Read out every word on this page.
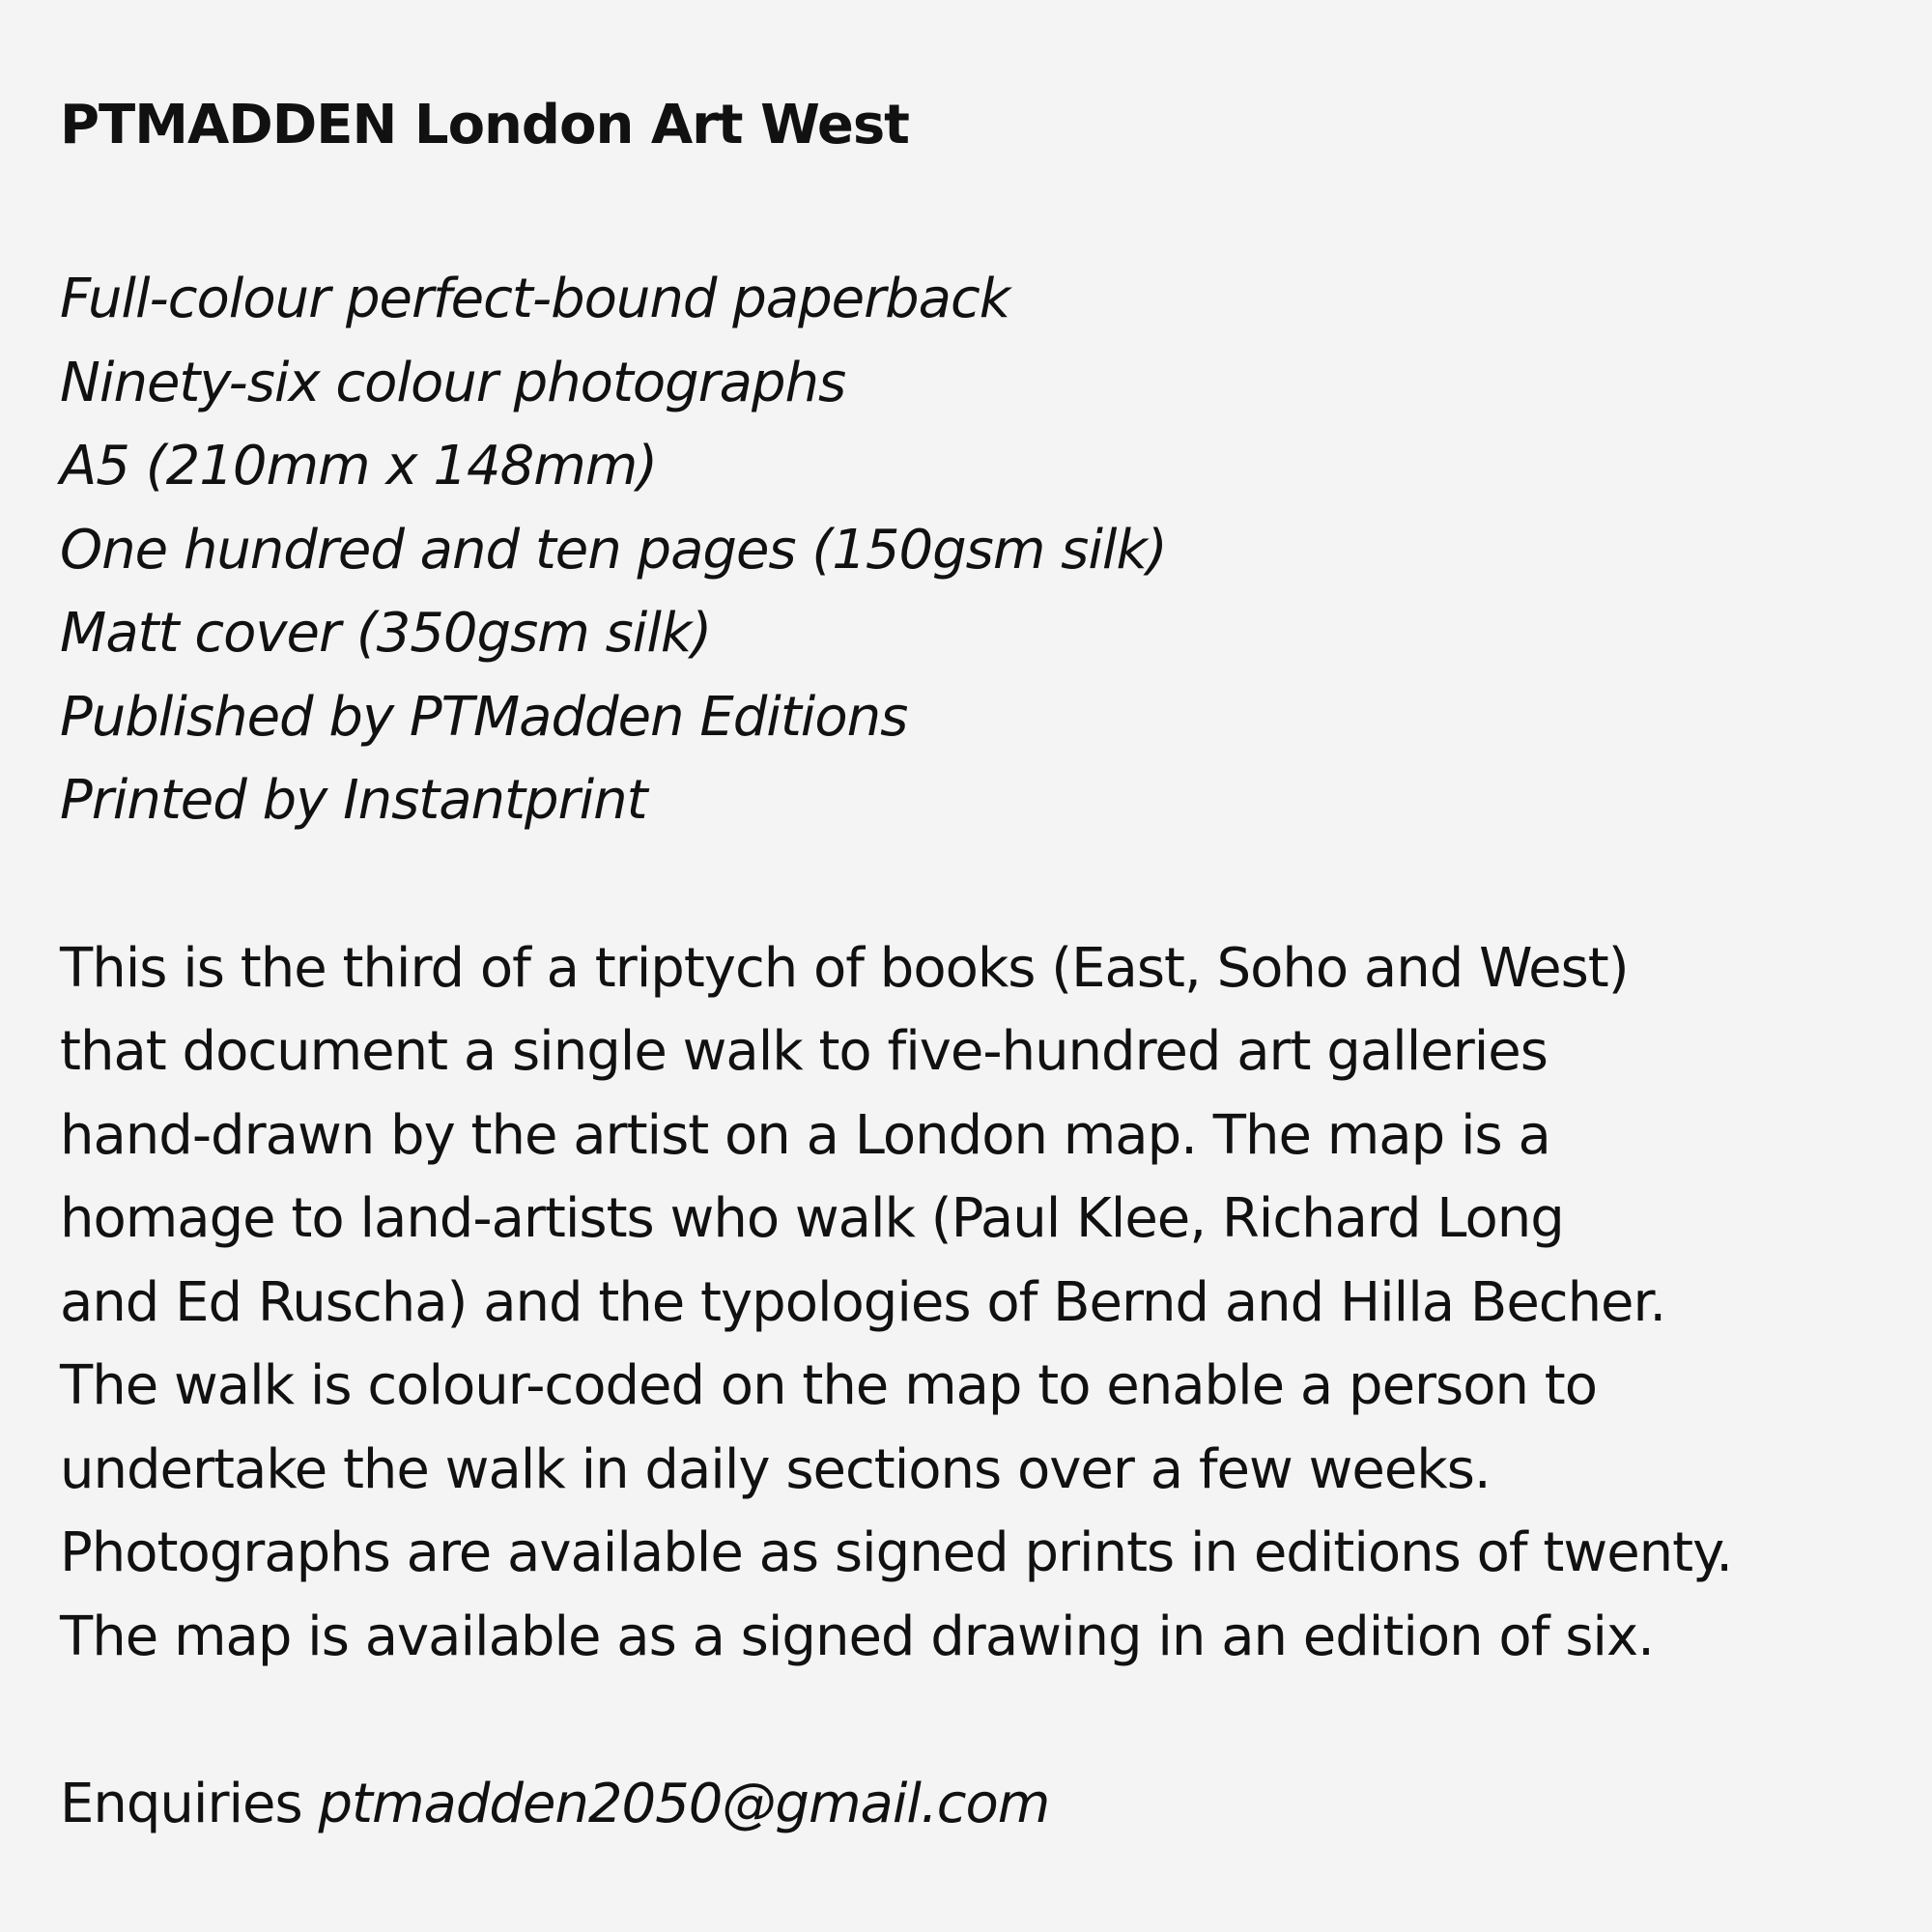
PTMADDEN London Art West
Full-colour perfect-bound paperback
Ninety-six colour photographs
A5 (210mm x 148mm)
One hundred and ten pages (150gsm silk)
Matt cover (350gsm silk)
Published by PTMadden Editions
Printed by Instantprint
This is the third of a triptych of books (East, Soho and West)
that document a single walk to five-hundred art galleries
hand-drawn by the artist on a London map. The map is a
homage to land-artists who walk (Paul Klee, Richard Long
and Ed Ruscha) and the typologies of Bernd and Hilla Becher.
The walk is colour-coded on the map to enable a person to
undertake the walk in daily sections over a few weeks.
Photographs are available as signed prints in editions of twenty.
The map is available as a signed drawing in an edition of six.
Enquiries ptmadden2050@gmail.com
